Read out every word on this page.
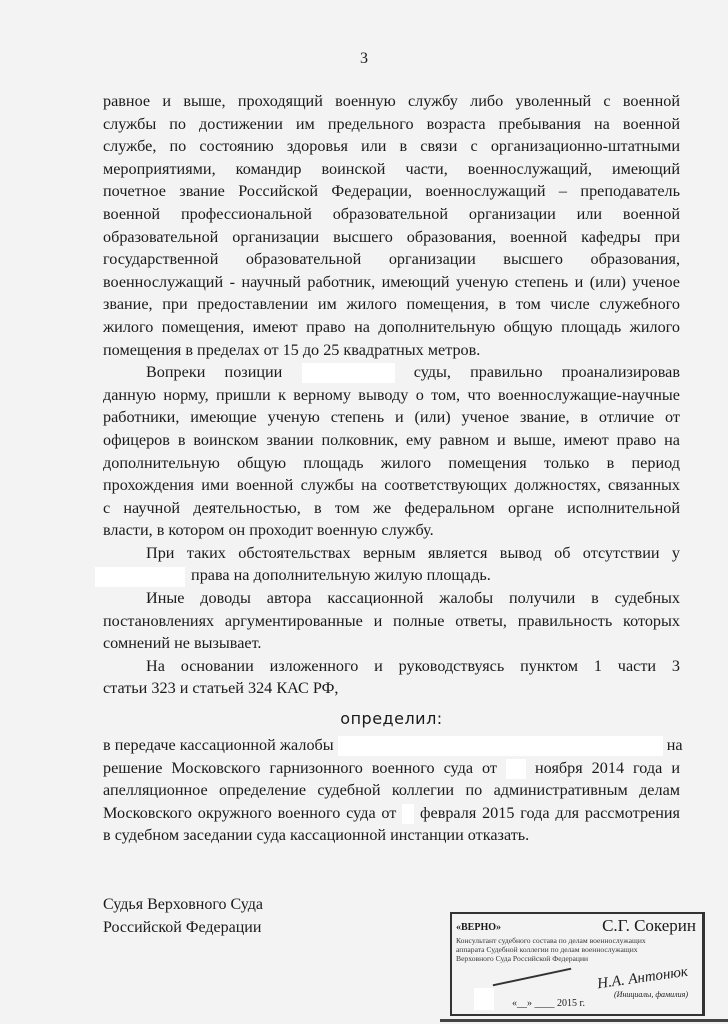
3
равное и выше, проходящий военную службу либо уволенный с военной
службы по достижении им предельного возраста пребывания на военной
службе, по состоянию здоровья или в связи с организационно-штатными
мероприятиями, командир воинской части, военнослужащий, имеющий
почетное звание Российской Федерации, военнослужащий – преподаватель
военной профессиональной образовательной организации или военной
образовательной организации высшего образования, военной кафедры при
государственной образовательной организации высшего образования,
военнослужащий - научный работник, имеющий ученую степень и (или) ученое
звание, при предоставлении им жилого помещения, в том числе служебного
жилого помещения, имеют право на дополнительную общую площадь жилого
помещения в пределах от 15 до 25 квадратных метров.
Вопреки позиции	суды, правильно проанализировав
данную норму, пришли к верному выводу о том, что военнослужащие-научные
работники, имеющие ученую степень и (или) ученое звание, в отличие от
офицеров в воинском звании полковник, ему равном и выше, имеют право на
дополнительную общую площадь жилого помещения только в период
прохождения ими военной службы на соответствующих должностях, связанных
с научной деятельностью, в том же федеральном органе исполнительной
власти, в котором он проходит военную службу.
При таких обстоятельствах верным является вывод об отсутствии у
права на дополнительную жилую площадь.
Иные доводы автора кассационной жалобы получили в судебных
постановлениях аргументированные и полные ответы, правильность которых
сомнений не вызывает.
На основании изложенного и руководствуясь пунктом 1 части 3
статьи 323 и статьей 324 КАС РФ,
определил:
в передаче кассационной жалобы	на
решение Московского гарнизонного военного суда от ноября 2014 года и
апелляционное определение судебной коллегии по административным делам
Московского окружного военного суда от февраля 2015 года для рассмотрения
в судебном заседании суда кассационной инстанции отказать.
Судья Верховного Суда
Российской Федерации	С.Г. Сокерин
«ВЕРНО»
Консультант судебного состава по делам военнослужащих аппарата Судебной коллегии по делам военнослужащих Верховного Суда Российской Федерации
Н.А. Антонюк
(Инициалы, фамилия)
«__» ____ 2015 г.
